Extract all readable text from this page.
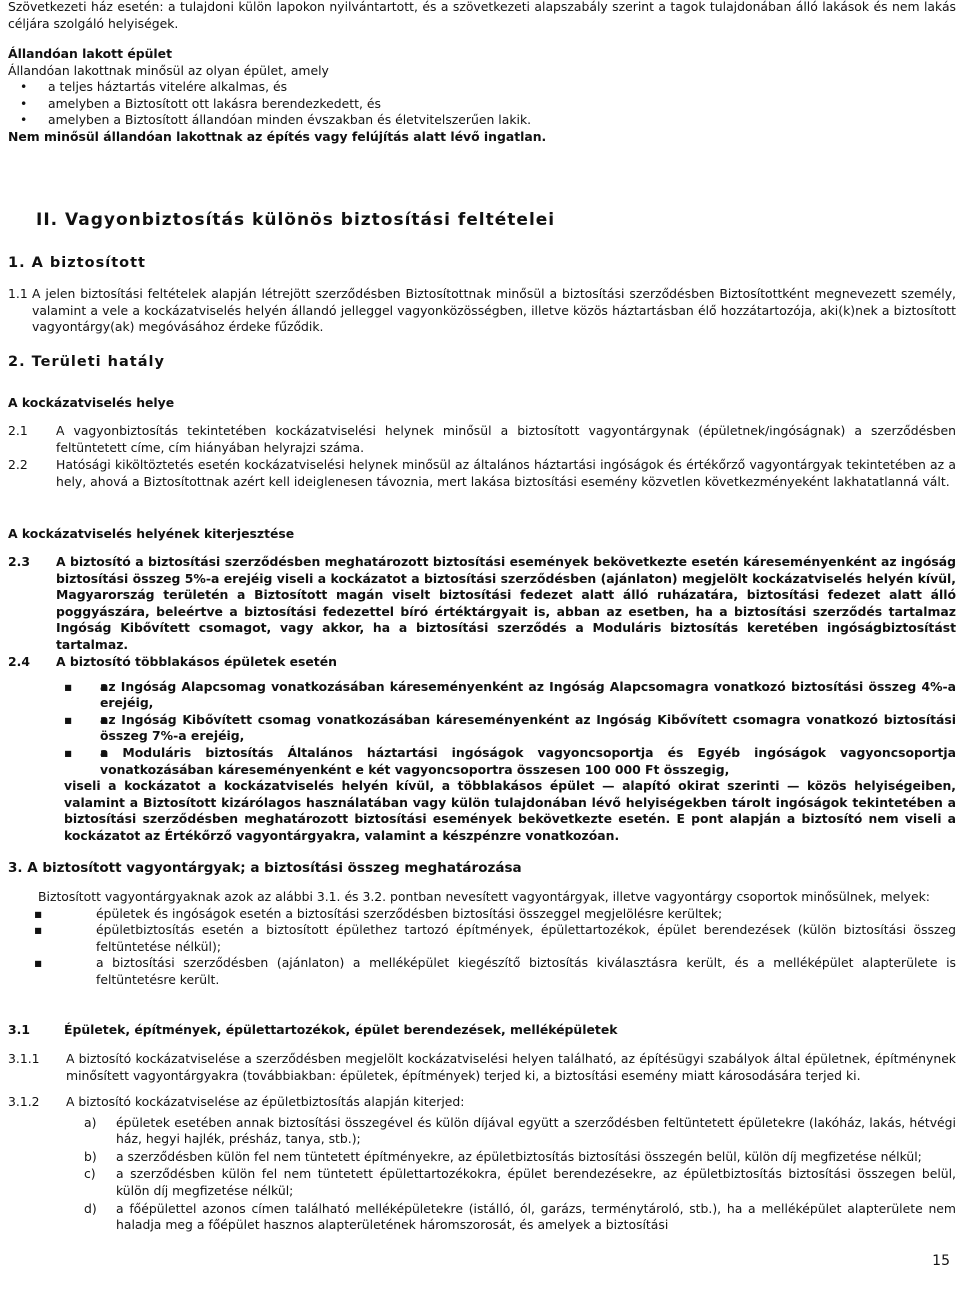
Szövetkezeti ház esetén: a tulajdoni külön lapokon nyilvántartott, és a szövetkezeti alapszabály szerint a tagok tulajdonában álló lakások és nem lakás céljára szolgáló helyiségek.

Állandóan lakott épület

Állandóan lakottnak minősül az olyan épület, amely

• a teljes háztartás vitelére alkalmas, és

• amelyben a Biztosított ott lakásra berendezkedett, és

• amelyben a Biztosított állandóan minden évszakban és életvitelszerűen lakik.

Nem minősül állandóan lakottnak az építés vagy felújítás alatt lévő ingatlan.

II. Vagyonbiztosítás különös biztosítási feltételei

1. A biztosított

1.1 A jelen biztosítási feltételek alapján létrejött szerződésben Biztosítottnak minősül a biztosítási szerződésben Biztosítottként megnevezett személy, valamint a vele a kockázatviselés helyén állandó jelleggel vagyonközösségben, illetve közös háztartásban élő hozzátartozója, aki(k)nek a biztosított vagyontárgy(ak) megóvásához érdeke fűződik.

2. Területi hatály

A kockázatviselés helye

2.1	A vagyonbiztosítás tekintetében kockázatviselési helynek minősül a biztosított vagyontárgynak (épületnek/ingóságnak) a szerződésben feltüntetett címe, cím hiányában helyrajzi száma.

2.2	Hatósági kiköltöztetés esetén kockázatviselési helynek minősül az általános háztartási ingóságok és értékőrző vagyontárgyak tekintetében az a hely, ahová a Biztosítottnak azért kell ideiglenesen távoznia, mert lakása biztosítási esemény közvetlen következményeként lakhatatlanná vált.

A kockázatviselés helyének kiterjesztése

2.3	A biztosító a biztosítási szerződésben meghatározott biztosítási események bekövetkezte esetén káreseményenként az ingóság biztosítási összeg 5%-a erejéig viseli a kockázatot a biztosítási szerződésben (ajánlaton) megjelölt kockázatviselés helyén kívül, Magyarország területén a Biztosított magán viselt biztosítási fedezet alatt álló ruházatára, biztosítási fedezet alatt álló poggyászára, beleértve a biztosítási fedezettel bíró értéktárgyait is, abban az esetben, ha a biztosítási szerződés tartalmaz Ingóság Kibővített csomagot, vagy akkor, ha a biztosítási szerződés a Moduláris biztosítás keretében ingóságbiztosítást tartalmaz.

2.4	A biztosító többlakásos épületek esetén

▪ ▪ az Ingóság Alapcsomag vonatkozásában káreseményenként az Ingóság Alapcsomagra vonatkozó biztosítási összeg 4%-a erejéig,

▪ ▪ az Ingóság Kibővített csomag vonatkozásában káreseményenként az Ingóság Kibővített csomagra vonatkozó biztosítási összeg 7%-a erejéig,

▪ ▪ a Moduláris biztosítás Általános háztartási ingóságok vagyoncsoportja és Egyéb ingóságok vagyoncsoportja vonatkozásában káreseményenként e két vagyoncsoportra összesen 100 000 Ft összegig,

viseli a kockázatot a kockázatviselés helyén kívül, a többlakásos épület — alapító okirat szerinti — közös helyiségeiben, valamint a Biztosított kizárólagos használatában vagy külön tulajdonában lévő helyiségekben tárolt ingóságok tekintetében a biztosítási szerződésben meghatározott biztosítási események bekövetkezte esetén. E pont alapján a biztosító nem viseli a kockázatot az Értékőrző vagyontárgyakra, valamint a készpénzre vonatkozóan.

3. A biztosított vagyontárgyak; a biztosítási összeg meghatározása

Biztosított vagyontárgyaknak azok az alábbi 3.1. és 3.2. pontban nevesített vagyontárgyak, illetve vagyontárgy csoportok minősülnek, melyek:

▪	épületek és ingóságok esetén a biztosítási szerződésben biztosítási összeggel megjelölésre kerültek;

▪	épületbiztosítás esetén a biztosított épülethez tartozó építmények, épülettartozékok, épület berendezések (külön biztosítási összeg feltüntetése nélkül);

▪	a biztosítási szerződésben (ajánlaton) a melléképület kiegészítő biztosítás kiválasztásra került, és a melléképület alapterülete is feltüntetésre került.

3.1	Épületek, építmények, épülettartozékok, épület berendezések, melléképületek

3.1.1	A biztosító kockázatviselése a szerződésben megjelölt kockázatviselési helyen található, az építésügyi szabályok által épületnek, építménynek minősített vagyontárgyakra (továbbiakban: épületek, építmények) terjed ki, a biztosítási esemény miatt károsodására terjed ki.

3.1.2	A biztosító kockázatviselése az épületbiztosítás alapján kiterjed:

a) épületek esetében annak biztosítási összegével és külön díjával együtt a szerződésben feltüntetett épületekre (lakóház, lakás, hétvégi ház, hegyi hajlék, présház, tanya, stb.);

b) a szerződésben külön fel nem tüntetett építményekre, az épületbiztosítás biztosítási összegén belül, külön díj megfizetése nélkül;

c) a szerződésben külön fel nem tüntetett épülettartozékokra, épület berendezésekre, az épületbiztosítás biztosítási összegen belül, külön díj megfizetése nélkül;

d) a főépülettel azonos címen található melléképületekre (istálló, ól, garázs, terménytároló, stb.), ha a melléképület alapterülete nem haladja meg a főépület hasznos alapterületének háromszorosát, és amelyek a biztosítási

15
